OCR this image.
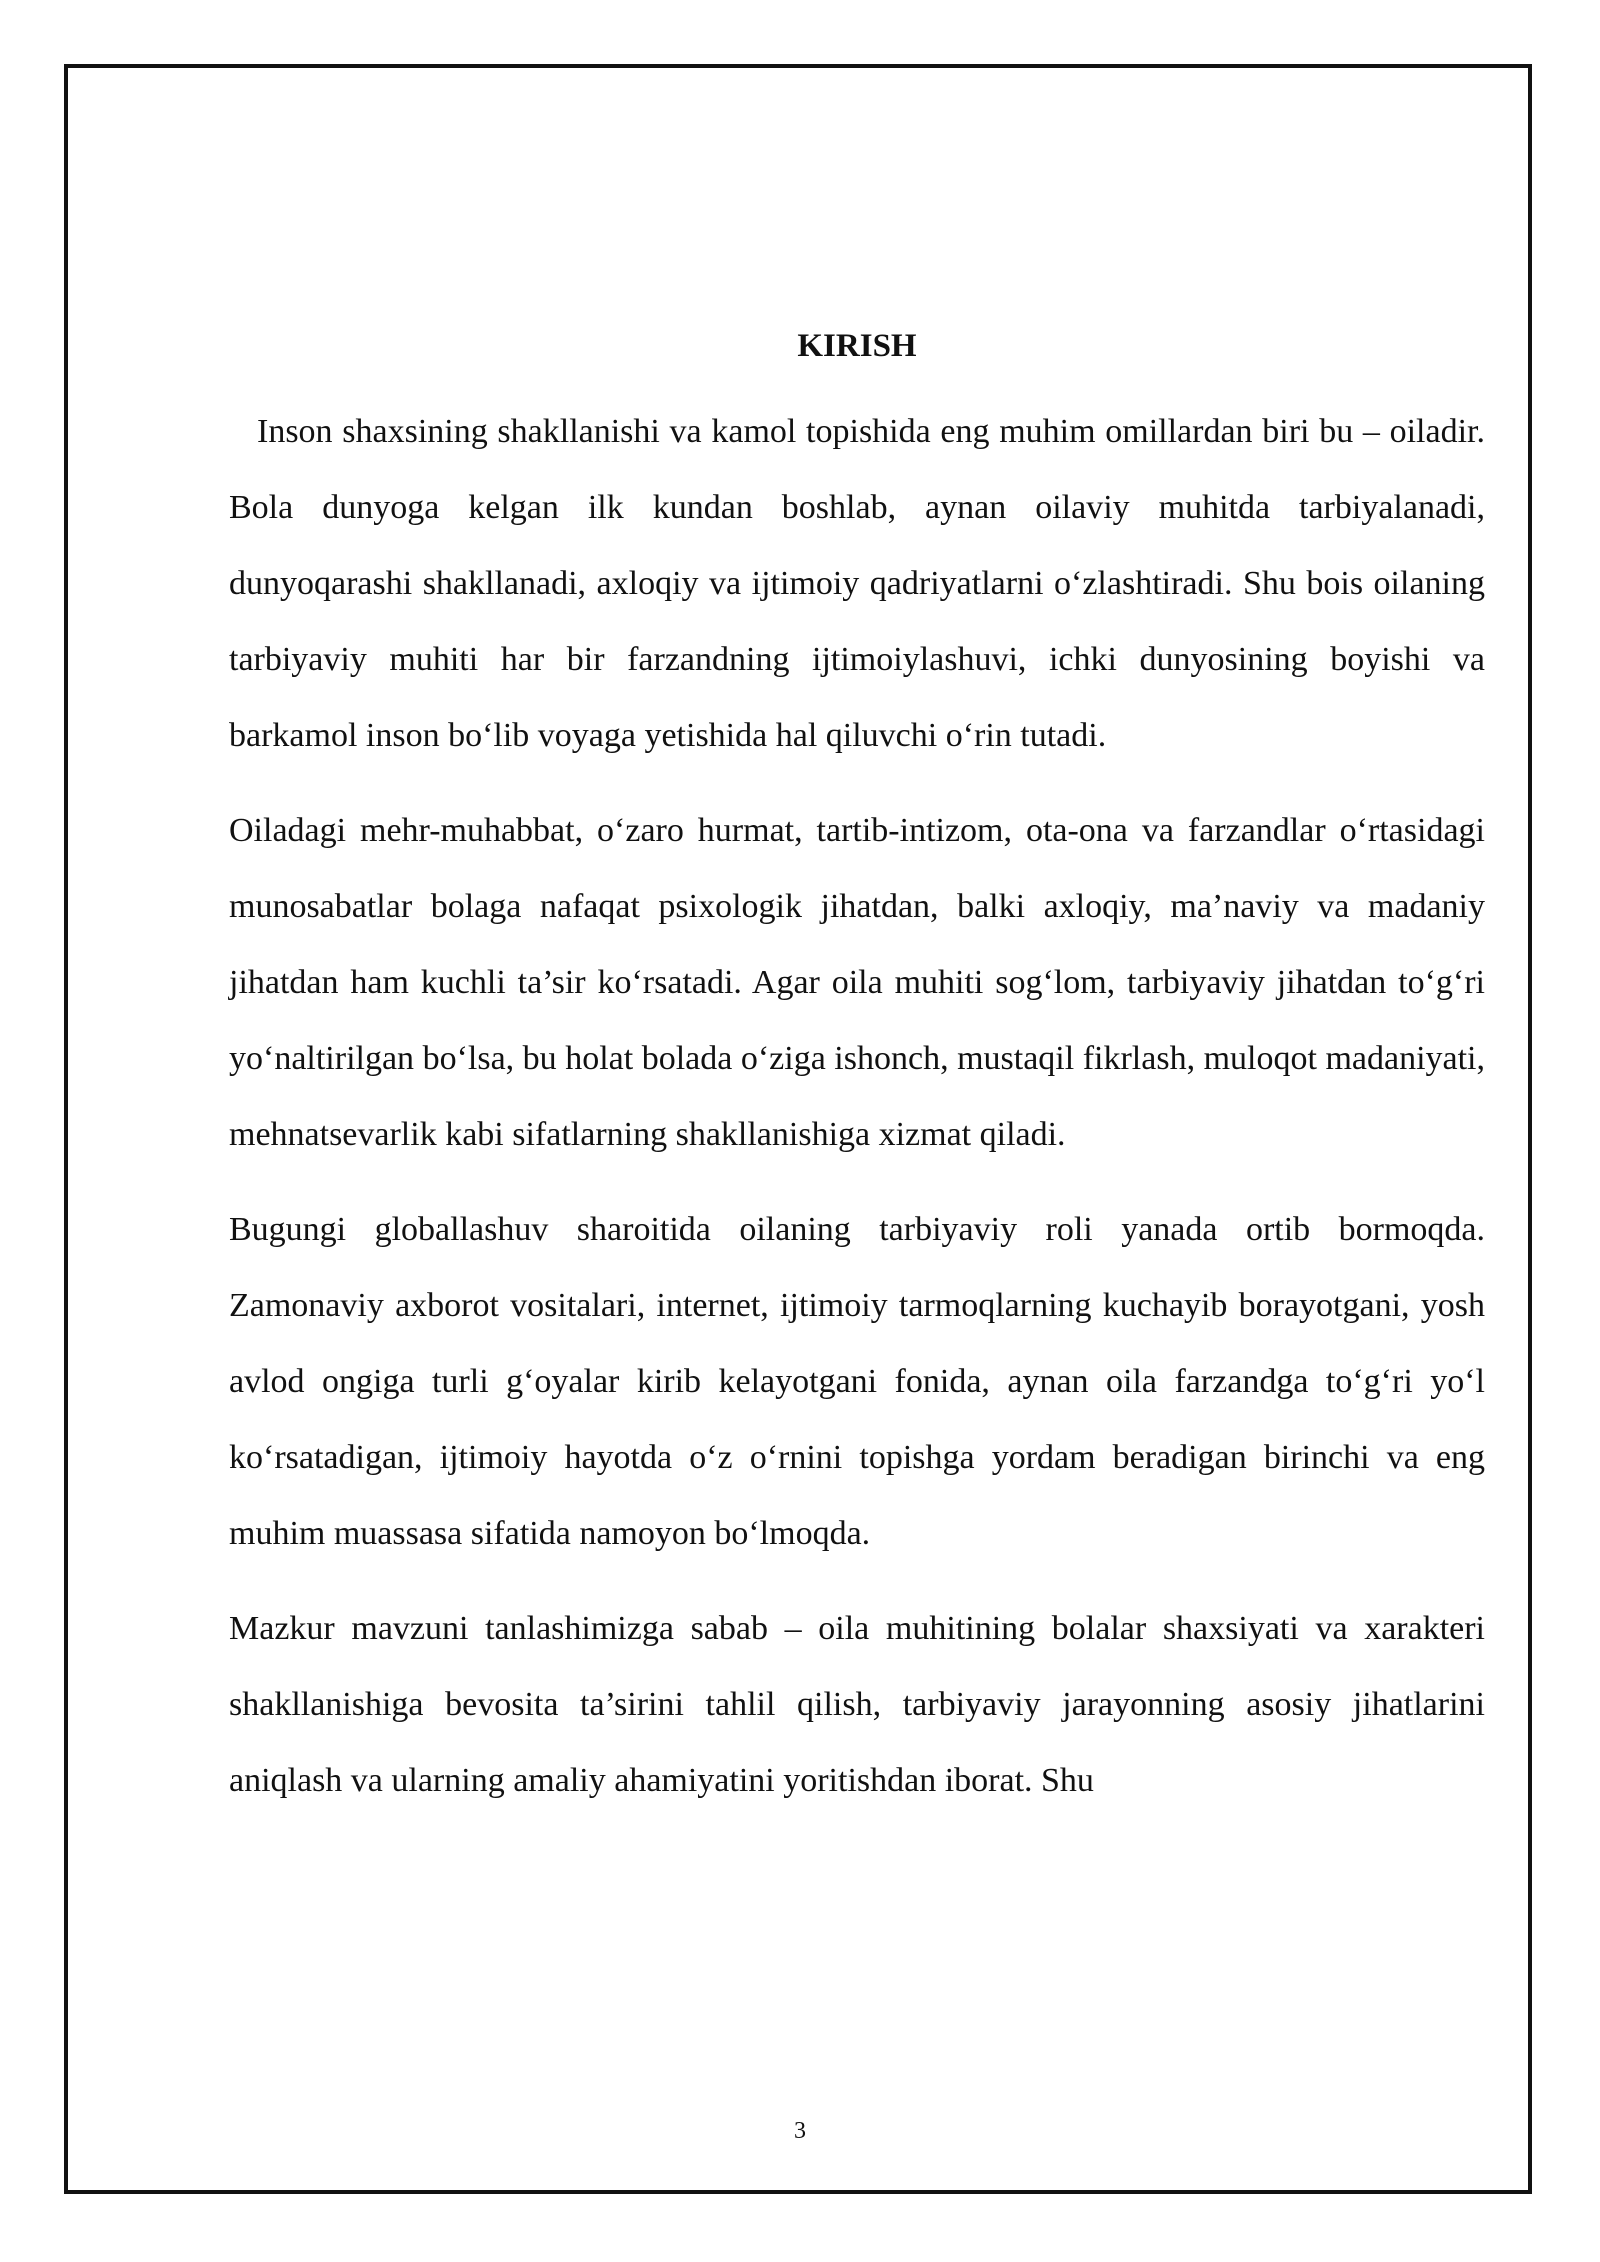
KIRISH

Inson shaxsining shakllanishi va kamol topishida eng muhim omillardan biri bu – oiladir. Bola dunyoga kelgan ilk kundan boshlab, aynan oilaviy muhitda tarbiyalanadi, dunyoqarashi shakllanadi, axloqiy va ijtimoiy qadriyatlarni o‘zlashtiradi. Shu bois oilaning tarbiyaviy muhiti har bir farzandning ijtimoiylashuvi, ichki dunyosining boyishi va barkamol inson bo‘lib voyaga yetishida hal qiluvchi o‘rin tutadi.

Oiladagi mehr-muhabbat, o‘zaro hurmat, tartib-intizom, ota-ona va farzandlar o‘rtasidagi munosabatlar bolaga nafaqat psixologik jihatdan, balki axloqiy, ma’naviy va madaniy jihatdan ham kuchli ta’sir ko‘rsatadi. Agar oila muhiti sog‘lom, tarbiyaviy jihatdan to‘g‘ri yo‘naltirilgan bo‘lsa, bu holat bolada o‘ziga ishonch, mustaqil fikrlash, muloqot madaniyati, mehnatsevarlik kabi sifatlarning shakllanishiga xizmat qiladi.

Bugungi globallashuv sharoitida oilaning tarbiyaviy roli yanada ortib bormoqda. Zamonaviy axborot vositalari, internet, ijtimoiy tarmoqlarning kuchayib borayotgani, yosh avlod ongiga turli g‘oyalar kirib kelayotgani fonida, aynan oila farzandga to‘g‘ri yo‘l ko‘rsatadigan, ijtimoiy hayotda o‘z o‘rnini topishga yordam beradigan birinchi va eng muhim muassasa sifatida namoyon bo‘lmoqda.

Mazkur mavzuni tanlashimizga sabab – oila muhitining bolalar shaxsiyati va xarakteri shakllanishiga bevosita ta’sirini tahlil qilish, tarbiyaviy jarayonning asosiy jihatlarini aniqlash va ularning amaliy ahamiyatini yoritishdan iborat. Shu

3
